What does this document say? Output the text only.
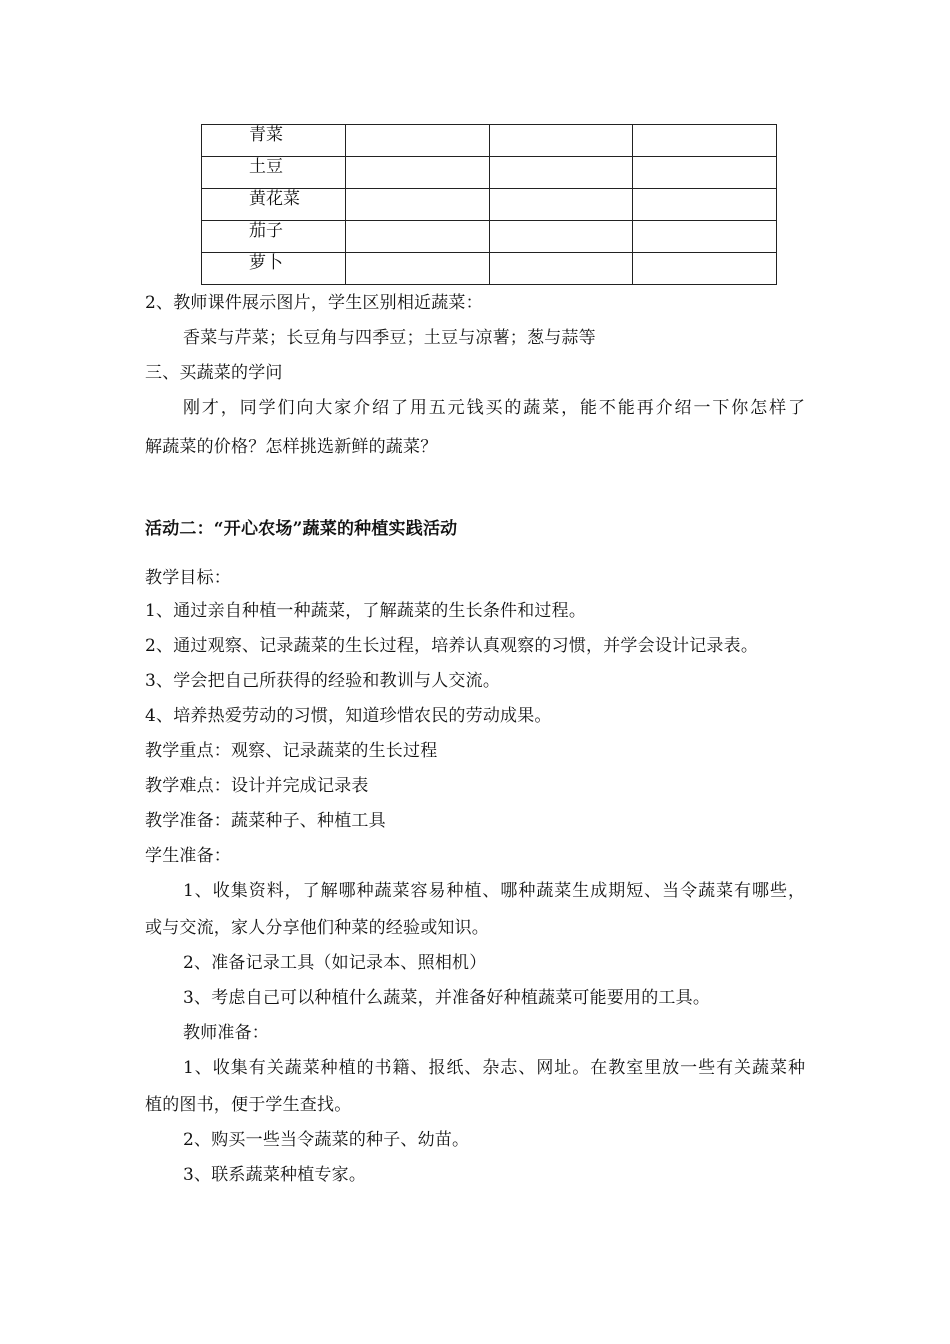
青菜			
土豆			
黄花菜			
茄子			
萝卜			
2、教师课件展示图片，学生区别相近蔬菜：
香菜与芹菜；长豆角与四季豆；土豆与凉薯；葱与蒜等
三、买蔬菜的学问
刚才，同学们向大家介绍了用五元钱买的蔬菜，能不能再介绍一下你怎样了
解蔬菜的价格？怎样挑选新鲜的蔬菜？
活动二：“开心农场”蔬菜的种植实践活动
教学目标：
1、通过亲自种植一种蔬菜，了解蔬菜的生长条件和过程。
2、通过观察、记录蔬菜的生长过程，培养认真观察的习惯，并学会设计记录表。
3、学会把自己所获得的经验和教训与人交流。
4、培养热爱劳动的习惯，知道珍惜农民的劳动成果。
教学重点：观察、记录蔬菜的生长过程
教学难点：设计并完成记录表
教学准备：蔬菜种子、种植工具
学生准备：
1、收集资料，了解哪种蔬菜容易种植、哪种蔬菜生成期短、当令蔬菜有哪些，
或与交流，家人分享他们种菜的经验或知识。
2、准备记录工具（如记录本、照相机）
3、考虑自己可以种植什么蔬菜，并准备好种植蔬菜可能要用的工具。
教师准备：
1、收集有关蔬菜种植的书籍、报纸、杂志、网址。在教室里放一些有关蔬菜种
植的图书，便于学生查找。
2、购买一些当令蔬菜的种子、幼苗。
3、联系蔬菜种植专家。
